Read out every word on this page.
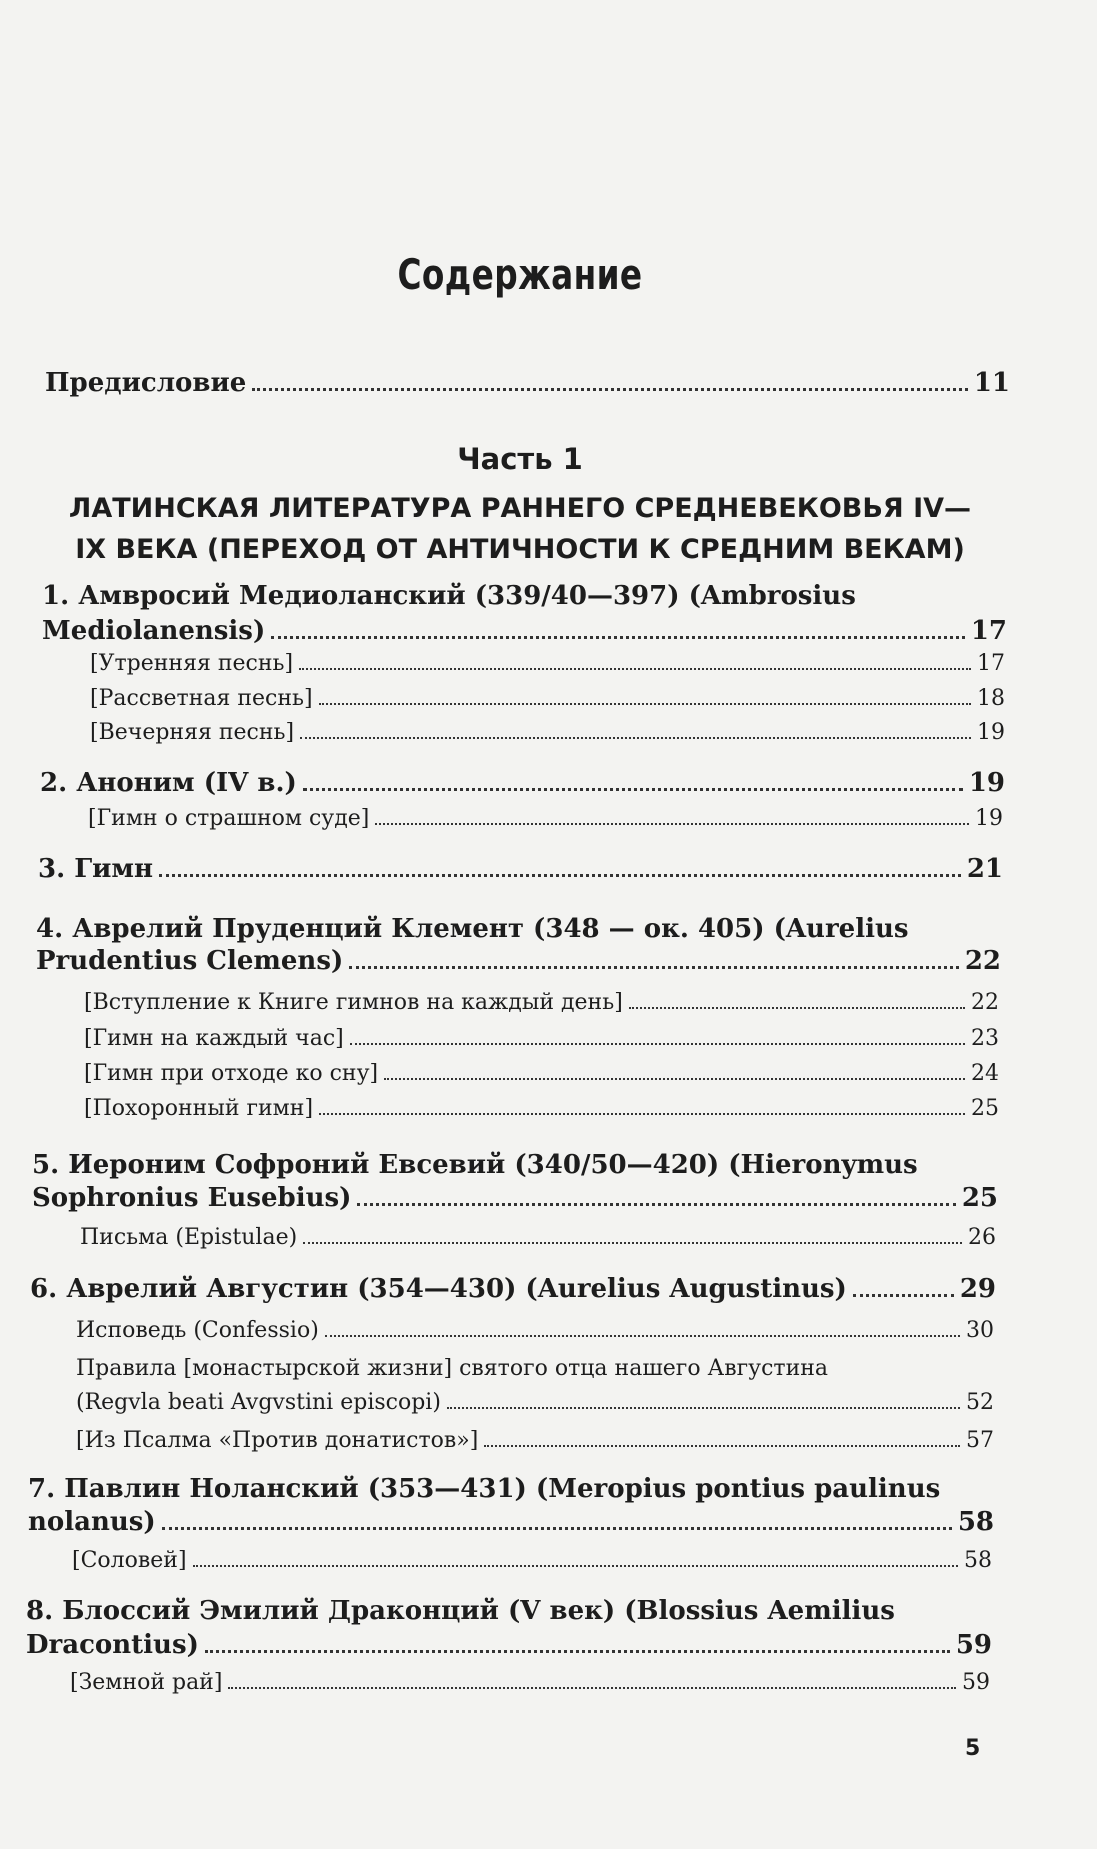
Содержание
Предисловие	11
Часть 1
ЛАТИНСКАЯ ЛИТЕРАТУРА РАННЕГО СРЕДНЕВЕКОВЬЯ IV—
IX ВЕКА (ПЕРЕХОД ОТ АНТИЧНОСТИ К СРЕДНИМ ВЕКАМ)
1. Амвросий Медиоланский (339/40—397) (Ambrosius
Mediolanensis)	17
[Утренняя песнь]	17
[Рассветная песнь]	18
[Вечерняя песнь]	19
2. Аноним (IV в.)	19
[Гимн о страшном суде]	19
3. Гимн	21
4. Аврелий Пруденций Клемент (348 — ок. 405) (Aurelius
Prudentius Clemens)	22
[Вступление к Книге гимнов на каждый день]	22
[Гимн на каждый час]	23
[Гимн при отходе ко сну]	24
[Похоронный гимн]	25
5. Иероним Софроний Евсевий (340/50—420) (Hieronymus
Sophronius Eusebius)	25
Письма (Epistulae)	26
6. Аврелий Августин (354—430) (Aurelius Augustinus)	29
Исповедь (Confessio)	30
Правила [монастырской жизни] святого отца нашего Августина
(Regvla beati Avgvstini episcopi)	52
[Из Псалма «Против донатистов»]	57
7. Павлин Ноланский (353—431) (Meropius pontius paulinus
nolanus)	58
[Соловей]	58
8. Блоссий Эмилий Драконций (V век) (Blossius Aemilius
Dracontius)	59
[Земной рай]	59
5
